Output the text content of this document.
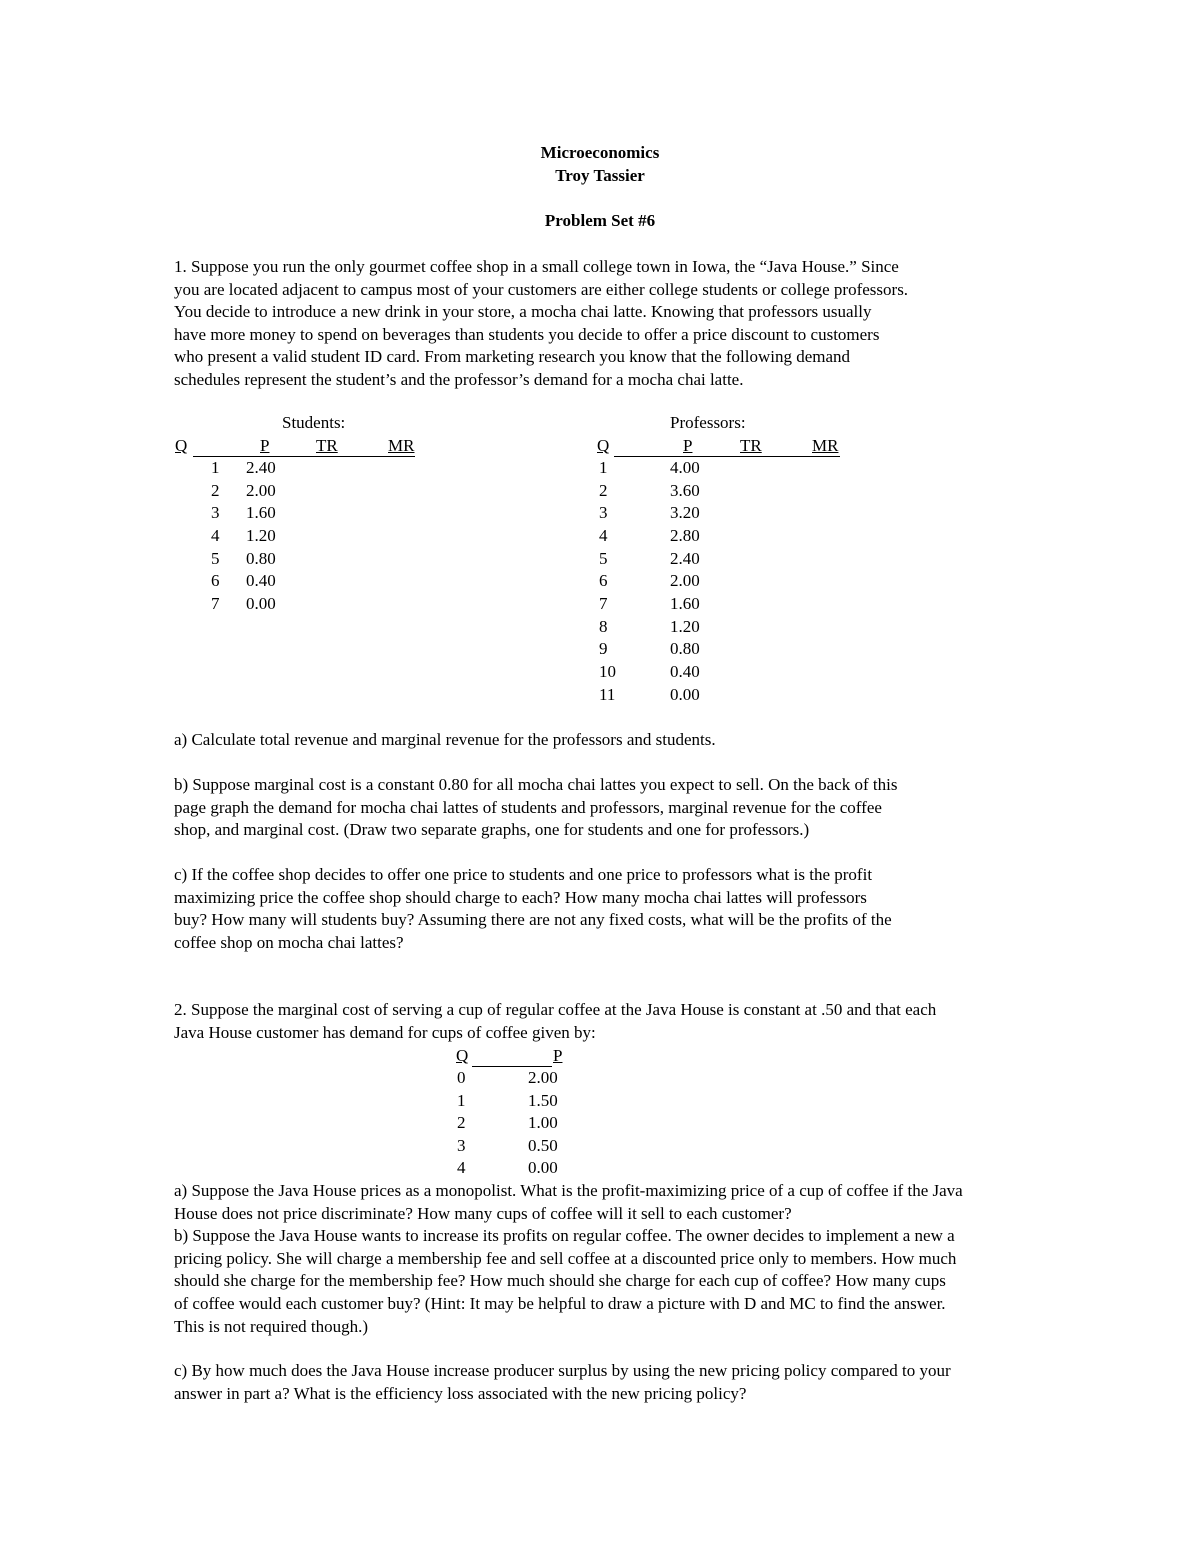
Microeconomics
Troy Tassier
Problem Set #6

1. Suppose you run the only gourmet coffee shop in a small college town in Iowa, the “Java House.” Since
you are located adjacent to campus most of your customers are either college students or college professors.
You decide to introduce a new drink in your store, a mocha chai latte. Knowing that professors usually
have more money to spend on beverages than students you decide to offer a price discount to customers
who present a valid student ID card. From marketing research you know that the following demand
schedules represent the student’s and the professor’s demand for a mocha chai latte.

Students:
Q	P	TR	MR
1 2.40
2 2.00
3 1.60
4 1.20
5 0.80
6 0.40
7 0.00
Professors:
Q	P	TR	MR
1	4.00
2	3.60
3	3.20
4	2.80
5	2.40
6	2.00
7	1.60
8	1.20
9	0.80
10	0.40
11	0.00

a) Calculate total revenue and marginal revenue for the professors and students.

b) Suppose marginal cost is a constant 0.80 for all mocha chai lattes you expect to sell. On the back of this
page graph the demand for mocha chai lattes of students and professors, marginal revenue for the coffee
shop, and marginal cost. (Draw two separate graphs, one for students and one for professors.)

c) If the coffee shop decides to offer one price to students and one price to professors what is the profit
maximizing price the coffee shop should charge to each? How many mocha chai lattes will professors
buy? How many will students buy? Assuming there are not any fixed costs, what will be the profits of the
coffee shop on mocha chai lattes?

2. Suppose the marginal cost of serving a cup of regular coffee at the Java House is constant at .50 and that each
Java House customer has demand for cups of coffee given by:

Q	P
0	2.00
1	1.50
2	1.00
3	0.50
4	0.00

a) Suppose the Java House prices as a monopolist. What is the profit-maximizing price of a cup of coffee if the Java
House does not price discriminate? How many cups of coffee will it sell to each customer?
b) Suppose the Java House wants to increase its profits on regular coffee. The owner decides to implement a new a
pricing policy. She will charge a membership fee and sell coffee at a discounted price only to members. How much
should she charge for the membership fee? How much should she charge for each cup of coffee? How many cups
of coffee would each customer buy? (Hint: It may be helpful to draw a picture with D and MC to find the answer.
This is not required though.)

c) By how much does the Java House increase producer surplus by using the new pricing policy compared to your
answer in part a? What is the efficiency loss associated with the new pricing policy?
